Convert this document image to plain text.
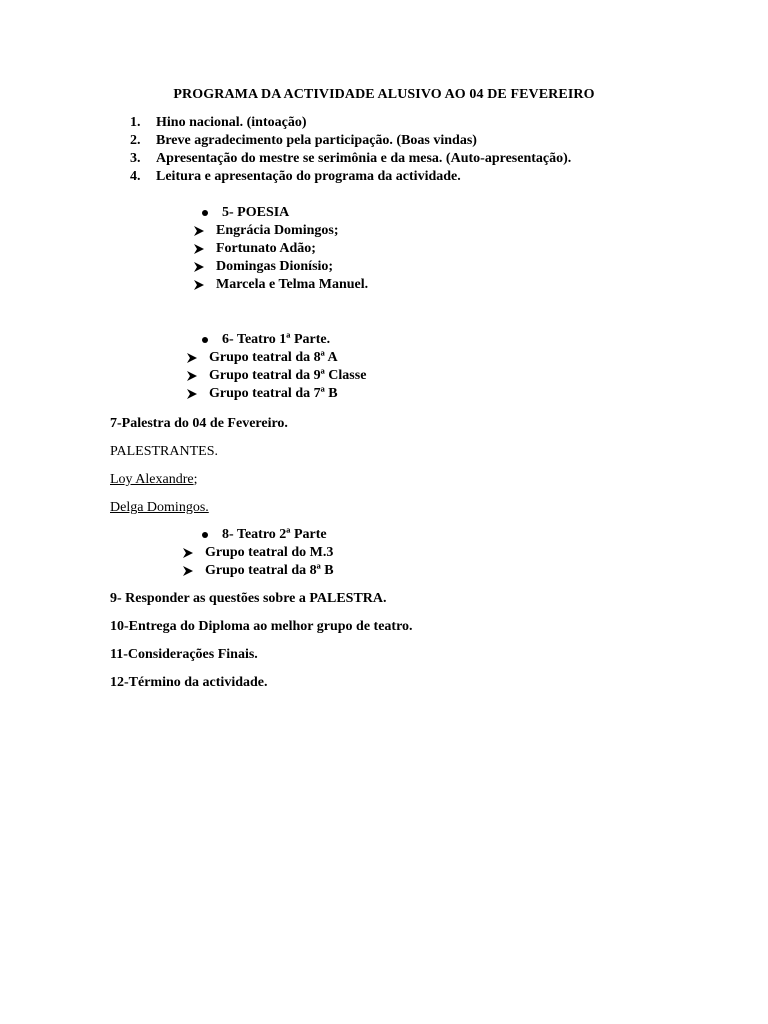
PROGRAMA DA ACTIVIDADE ALUSIVO AO 04 DE FEVEREIRO
1.	Hino nacional. (intoação)
2.	Breve agradecimento pela participação. (Boas vindas)
3.	Apresentação do mestre se serimônia e da mesa. (Auto-apresentação).
4.	Leitura e apresentação do programa da actividade.
5- POESIA
Engrácia Domingos;
Fortunato Adão;
Domingas Dionísio;
Marcela e Telma Manuel.
6- Teatro 1ª Parte.
Grupo teatral da 8ª A
Grupo teatral da 9ª Classe
Grupo teatral da 7ª B
7-Palestra do 04 de Fevereiro.
PALESTRANTES.
Loy Alexandre;
Delga Domingos.
8- Teatro 2ª Parte
Grupo teatral do M.3
Grupo teatral da 8ª B
9- Responder as questões sobre a PALESTRA.
10-Entrega do Diploma ao melhor grupo de teatro.
11-Considerações Finais.
12-Término da actividade.
